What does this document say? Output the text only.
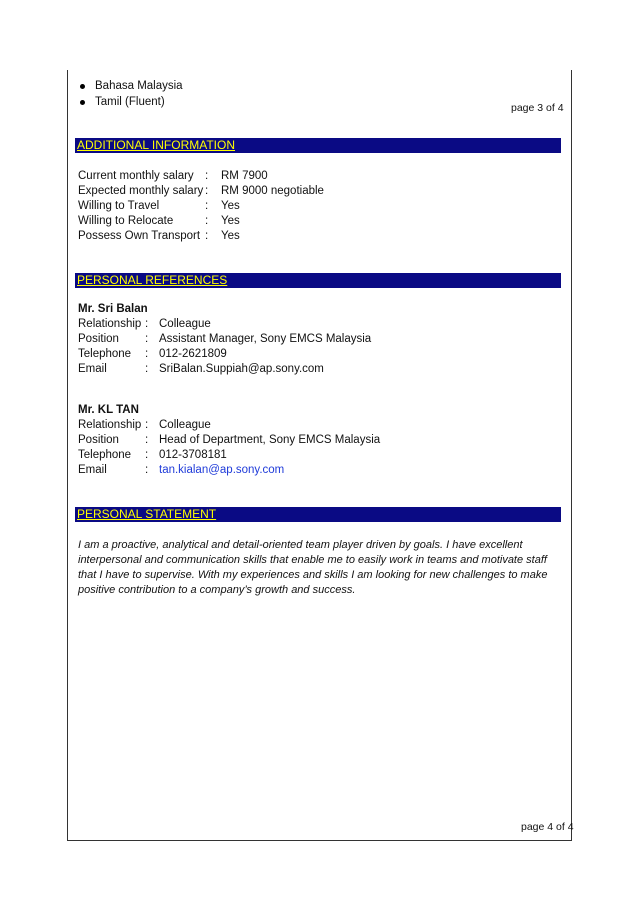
Bahasa Malaysia
Tamil (Fluent)	page 3 of 4
ADDITIONAL INFORMATION
Current monthly salary :	RM 7900
Expected monthly salary :	RM 9000 negotiable
Willing to Travel	:	Yes
Willing to Relocate	:	Yes
Possess Own Transport :	Yes
PERSONAL REFERENCES
Mr. Sri Balan
Relationship : Colleague
Position	: Assistant Manager, Sony EMCS Malaysia
Telephone	: 012-2621809
Email	: SriBalan.Suppiah@ap.sony.com
Mr. KL TAN
Relationship : Colleague
Position	: Head of Department, Sony EMCS Malaysia
Telephone	: 012-3708181
Email	: tan.kialan@ap.sony.com
PERSONAL STATEMENT
I am a proactive, analytical and detail-oriented team player driven by goals. I have excellent interpersonal and communication skills that enable me to easily work in teams and motivate staff that I have to supervise. With my experiences and skills I am looking for new challenges to make positive contribution to a company’s growth and success.
page 4 of 4
